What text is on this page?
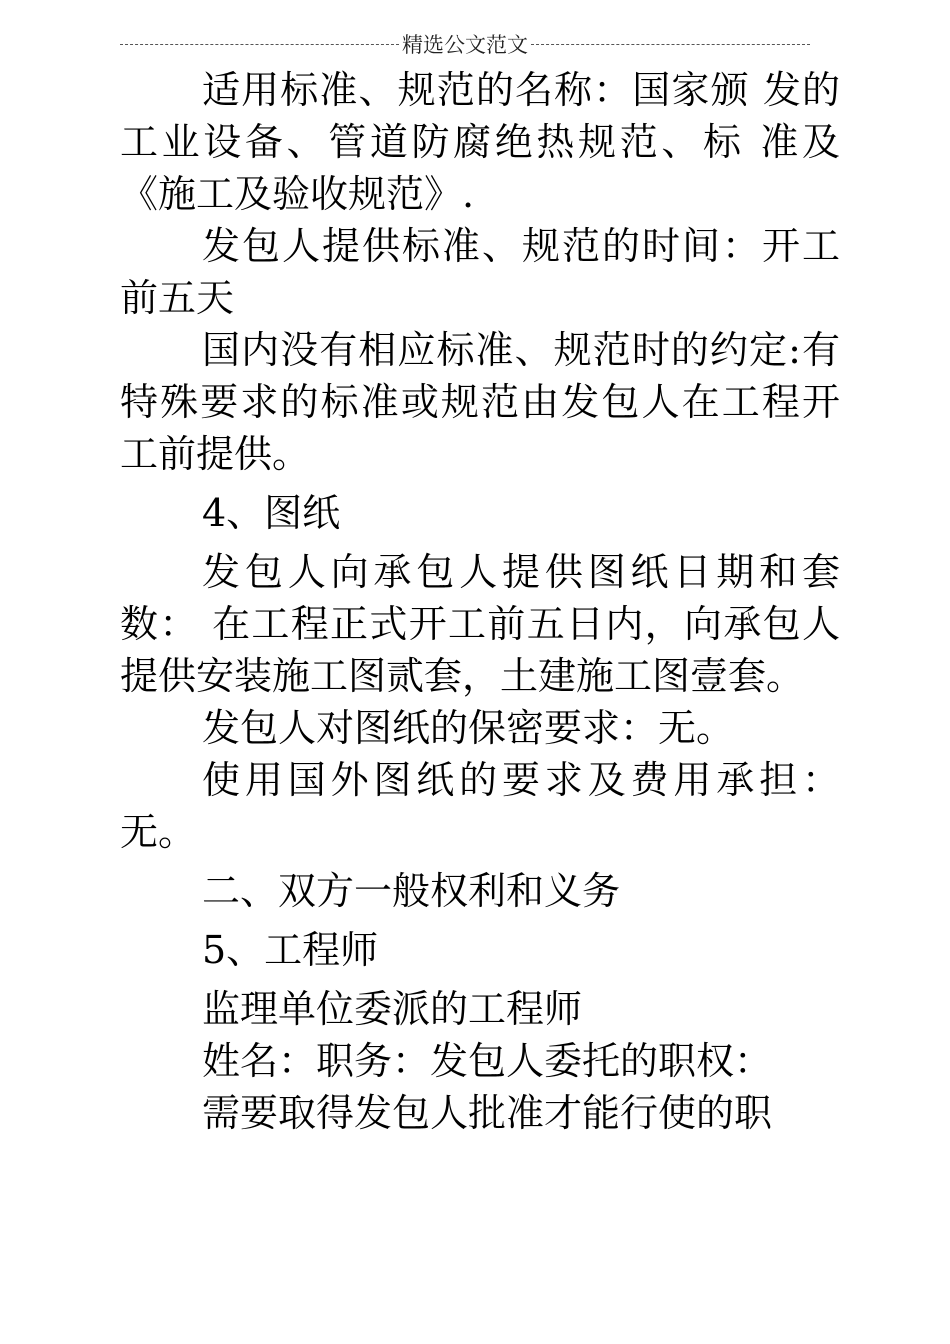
精选公文范文

适用标准、规范的名称：国家颁 发的工业设备、管道防腐绝热规范、标 准及《施工及验收规范》.

发包人提供标准、规范的时间：开工前五天

国内没有相应标准、规范时的约定:有特殊要求的标准或规范由发包人在工程开工前提供。

4、图纸

发包人向承包人提供图纸日期和套数： 在工程正式开工前五日内，向承包人提供安装施工图贰套，土建施工图壹套。

发包人对图纸的保密要求：无。

使用国外图纸的要求及费用承担：无。

二、双方一般权利和义务

5、工程师

监理单位委派的工程师

姓名：职务：发包人委托的职权：

需要取得发包人批准才能行使的职
